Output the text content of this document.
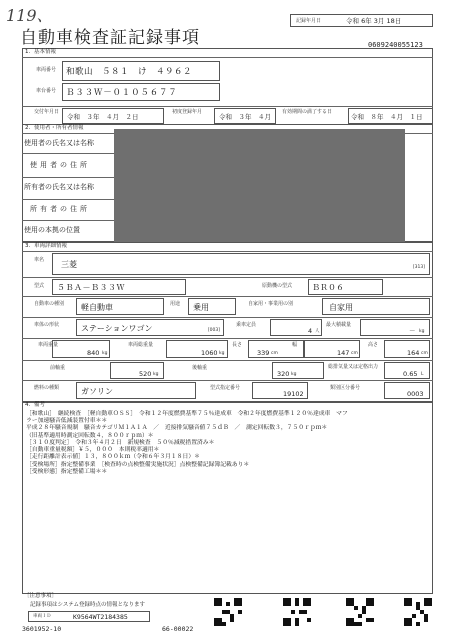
119、	記録年月日	令和 6年 3月 18日
自動車検査証記録事項	0609240055123
1．基本情報
車両番号 和歌山　５８１　け　４９６２
車台番号 Ｂ３３Ｗ－０１０５６７７
交付年月日
令和　３年　４月　２日
初度登録年月
令和　３年　４月
有効期間の満了する日
令和　８年　４月　１日
2．使用者・所有者情報
使用者の氏名又は名称
使用者の住所
所有者の氏名又は名称
所有者の住所
使用の本拠の位置
3．車両詳細情報
車名 三菱	[313]
型式 ５ＢＡ－Ｂ３３Ｗ	原動機の型式 ＢＲ０６
自動車の種別 軽自動車	用途 乗用	自家用・事業用の別	自家用
車体の形状	ステーションワゴン	[003]
乗車定員
4 人
最大積載量
－ kg
車両重量
840 kg
車両総重量
1060 kg
長さ
339 cm
幅
147 cm
高さ
164 cm
前軸重
520 kg
後軸重
320 kg
総排気量又は定格出力
0.65 L
燃料の種類	ガソリン	型式指定番号
19102
類別区分番号
0003
4．備考
［和歌山］　継続検査　［軽自動車ＯＳＳ］　令和１２年度燃費基準７５％達成車　令和２年度燃費基準１２０％達成車　マフ
ラー加速騒音低減装置付車＊＊
平成２８年騒音規制　騒音カテゴリＭ１Ａ１Ａ　／　近接排気騒音値７５ｄＢ　／　測定回転数３，７５０ｒｐｍ＊
（旧基準適用時測定回転数４，８００ｒｐｍ）＊
［３１０度判定］　令和３年４月２日　新規検査　５０％減税措置済み＊
［自動車重量税額］￥５，０００　本則税率適用＊
［走行距離計表示値］１３，８００ｋｍ（令和６年３月１８日）＊
［受検場所］指定整備事業　［検査時の点検整備実施状況］点検整備記録簿記載あり＊
［受検形態］指定整備工場＊＊
［注意事項］
記録事項はシステム登録時点の情報となります
車両ＩＤ	K9564WT2184385
3601952-10	66-00022
